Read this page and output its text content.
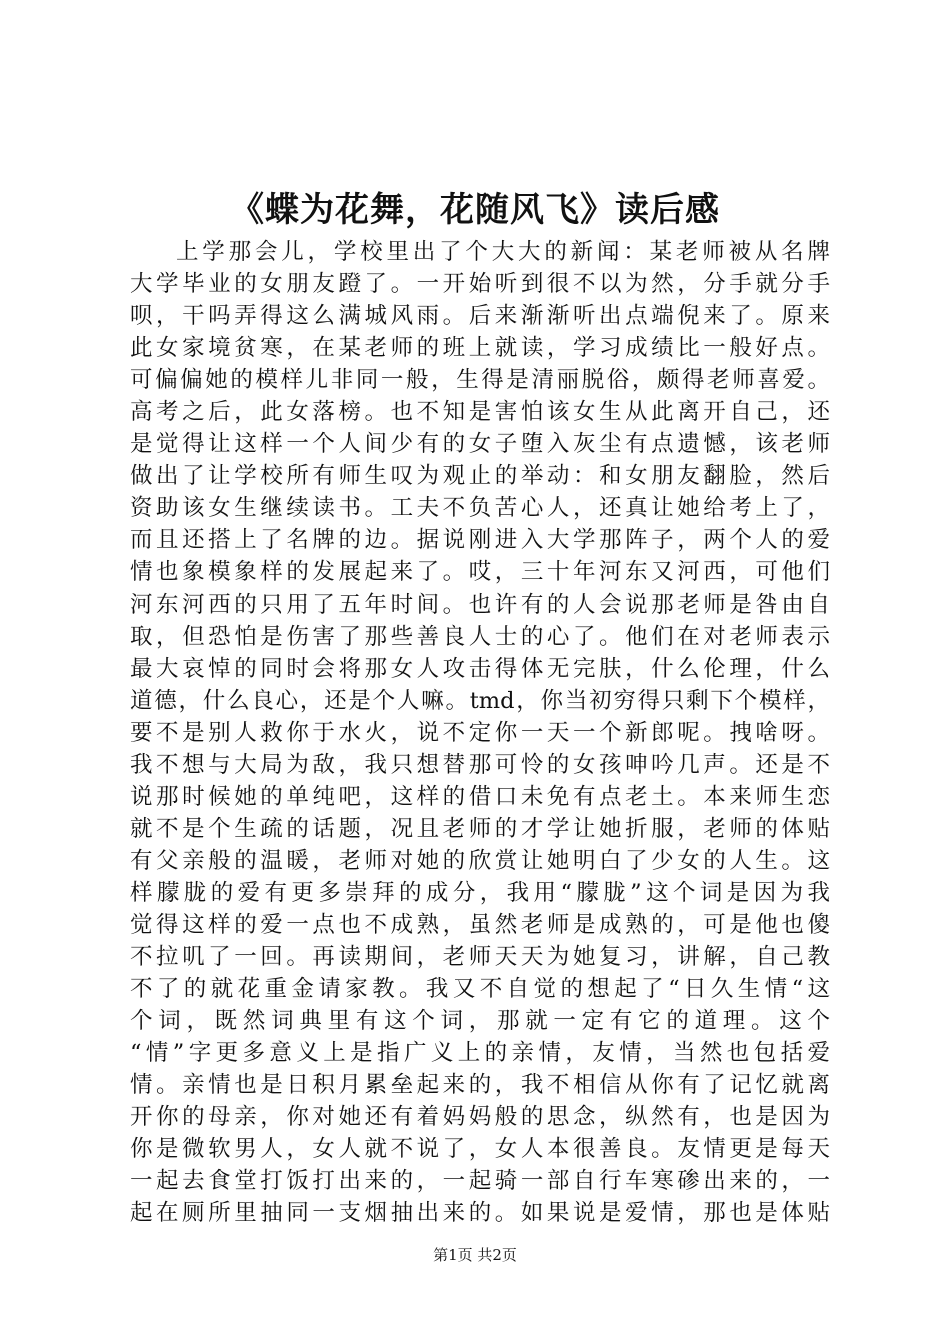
《蝶为花舞，花随风飞》读后感
上学那会儿，学校里出了个大大的新闻：某老师被从名牌
大学毕业的女朋友蹬了。一开始听到很不以为然，分手就分手
呗，干吗弄得这么满城风雨。后来渐渐听出点端倪来了。原来
此女家境贫寒，在某老师的班上就读，学习成绩比一般好点。
可偏偏她的模样儿非同一般，生得是清丽脱俗，颇得老师喜爱。
高考之后，此女落榜。也不知是害怕该女生从此离开自己，还
是觉得让这样一个人间少有的女子堕入灰尘有点遗憾，该老师
做出了让学校所有师生叹为观止的举动：和女朋友翻脸，然后
资助该女生继续读书。工夫不负苦心人，还真让她给考上了，
而且还搭上了名牌的边。据说刚进入大学那阵子，两个人的爱
情也象模象样的发展起来了。哎，三十年河东又河西，可他们
河东河西的只用了五年时间。也许有的人会说那老师是咎由自
取，但恐怕是伤害了那些善良人士的心了。他们在对老师表示
最大哀悼的同时会将那女人攻击得体无完肤，什么伦理，什么
道德，什么良心，还是个人嘛。tmd，你当初穷得只剩下个模样，
要不是别人救你于水火，说不定你一天一个新郎呢。拽啥呀。
我不想与大局为敌，我只想替那可怜的女孩呻吟几声。还是不
说那时候她的单纯吧，这样的借口未免有点老土。本来师生恋
就不是个生疏的话题，况且老师的才学让她折服，老师的体贴
有父亲般的温暖，老师对她的欣赏让她明白了少女的人生。这
样朦胧的爱有更多崇拜的成分，我用“朦胧”这个词是因为我
觉得这样的爱一点也不成熟，虽然老师是成熟的，可是他也傻
不拉叽了一回。再读期间，老师天天为她复习，讲解，自己教
不了的就花重金请家教。我又不自觉的想起了“日久生情“这
个词，既然词典里有这个词，那就一定有它的道理。这个
“情”字更多意义上是指广义上的亲情，友情，当然也包括爱
情。亲情也是日积月累垒起来的，我不相信从你有了记忆就离
开你的母亲，你对她还有着妈妈般的思念，纵然有，也是因为
你是微软男人，女人就不说了，女人本很善良。友情更是每天
一起去食堂打饭打出来的，一起骑一部自行车寒碜出来的，一
起在厕所里抽同一支烟抽出来的。如果说是爱情，那也是体贴
第1页 共2页
